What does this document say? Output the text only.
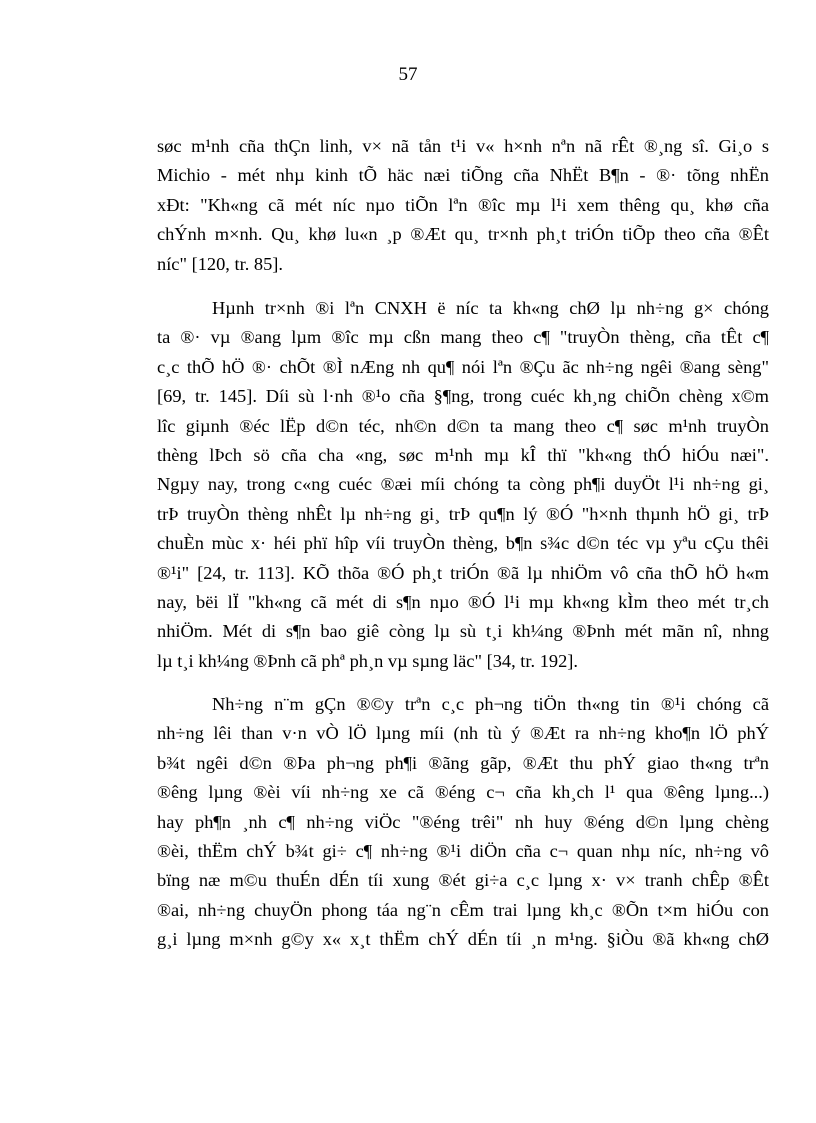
57
søc m¹nh cña thÇn linh, v× nã tån t¹i v« h×nh nªn nã rÊt ®¸ng sî. Gi¸o s
Michio - mét nhµ kinh tÕ häc næi tiÕng cña NhËt B¶n - ®· tõng nhËn
xÐt: "Kh«ng cã mét níc nµo tiÕn lªn ®îc mµ l¹i xem thêng qu¸ khø cña
chÝnh m×nh. Qu¸ khø lu«n ¸p ®Æt qu¸ tr×nh ph¸t triÓn tiÕp theo cña ®Êt
níc" [120, tr. 85].
Hµnh tr×nh ®i lªn CNXH ë níc ta kh«ng chØ lµ nh÷ng g× chóng
ta ®· vµ ®ang lµm ®îc mµ cßn mang theo c¶ "truyÒn thèng, cña tÊt c¶
c¸c thÕ hÖ ®· chÕt ®Ì nÆng nh qu¶ nói lªn ®Çu ãc nh÷ng ngêi ®ang sèng"
[69, tr. 145]. Díi sù l·nh ®¹o cña §¶ng, trong cuéc kh¸ng chiÕn chèng x©m
lîc giµnh ®éc lËp d©n téc, nh©n d©n ta mang theo c¶ søc m¹nh truyÒn
thèng lÞch sö cña cha «ng, søc m¹nh mµ kÎ thï "kh«ng thÓ hiÓu næi".
Ngµy nay, trong c«ng cuéc ®æi míi chóng ta còng ph¶i duyÖt l¹i nh÷ng gi¸
trÞ truyÒn thèng nhÊt lµ nh÷ng gi¸ trÞ qu¶n lý ®Ó "h×nh thµnh hÖ gi¸ trÞ
chuÈn mùc x· héi phï hîp víi truyÒn thèng, b¶n s¾c d©n téc vµ yªu cÇu thêi
®¹i" [24, tr. 113]. KÕ thõa ®Ó ph¸t triÓn ®ã lµ nhiÖm vô cña thÕ hÖ h«m
nay, bëi lÏ "kh«ng cã mét di s¶n nµo ®Ó l¹i mµ kh«ng kÌm theo mét tr¸ch
nhiÖm. Mét di s¶n bao giê còng lµ sù t¸i kh¼ng ®Þnh mét mãn nî, nhng
lµ t¸i kh¼ng ®Þnh cã phª ph¸n vµ sµng läc" [34, tr. 192].
Nh÷ng n¨m gÇn ®©y trªn c¸c ph¬ng tiÖn th«ng tin ®¹i chóng cã
nh÷ng lêi than v·n vÒ lÖ lµng míi (nh tù ý ®Æt ra nh÷ng kho¶n lÖ phÝ
b¾t ngêi d©n ®Þa ph¬ng ph¶i ®ãng gãp, ®Æt thu phÝ giao th«ng trªn
®êng lµng ®èi víi nh÷ng xe cã ®éng c¬ cña kh¸ch l¹ qua ®êng lµng...)
hay ph¶n ¸nh c¶ nh÷ng viÖc "®éng trêi" nh huy ®éng d©n lµng chèng
®èi, thËm chÝ b¾t gi÷ c¶ nh÷ng ®¹i diÖn cña c¬ quan nhµ níc, nh÷ng vô
bïng næ m©u thuÉn dÉn tíi xung ®ét gi÷a c¸c lµng x· v× tranh chÊp ®Êt
®ai, nh÷ng chuyÖn phong táa ng¨n cÊm trai lµng kh¸c ®Õn t×m hiÓu con
g¸i lµng m×nh g©y x« x¸t thËm chÝ dÉn tíi ¸n m¹ng. §iÒu ®ã kh«ng chØ
